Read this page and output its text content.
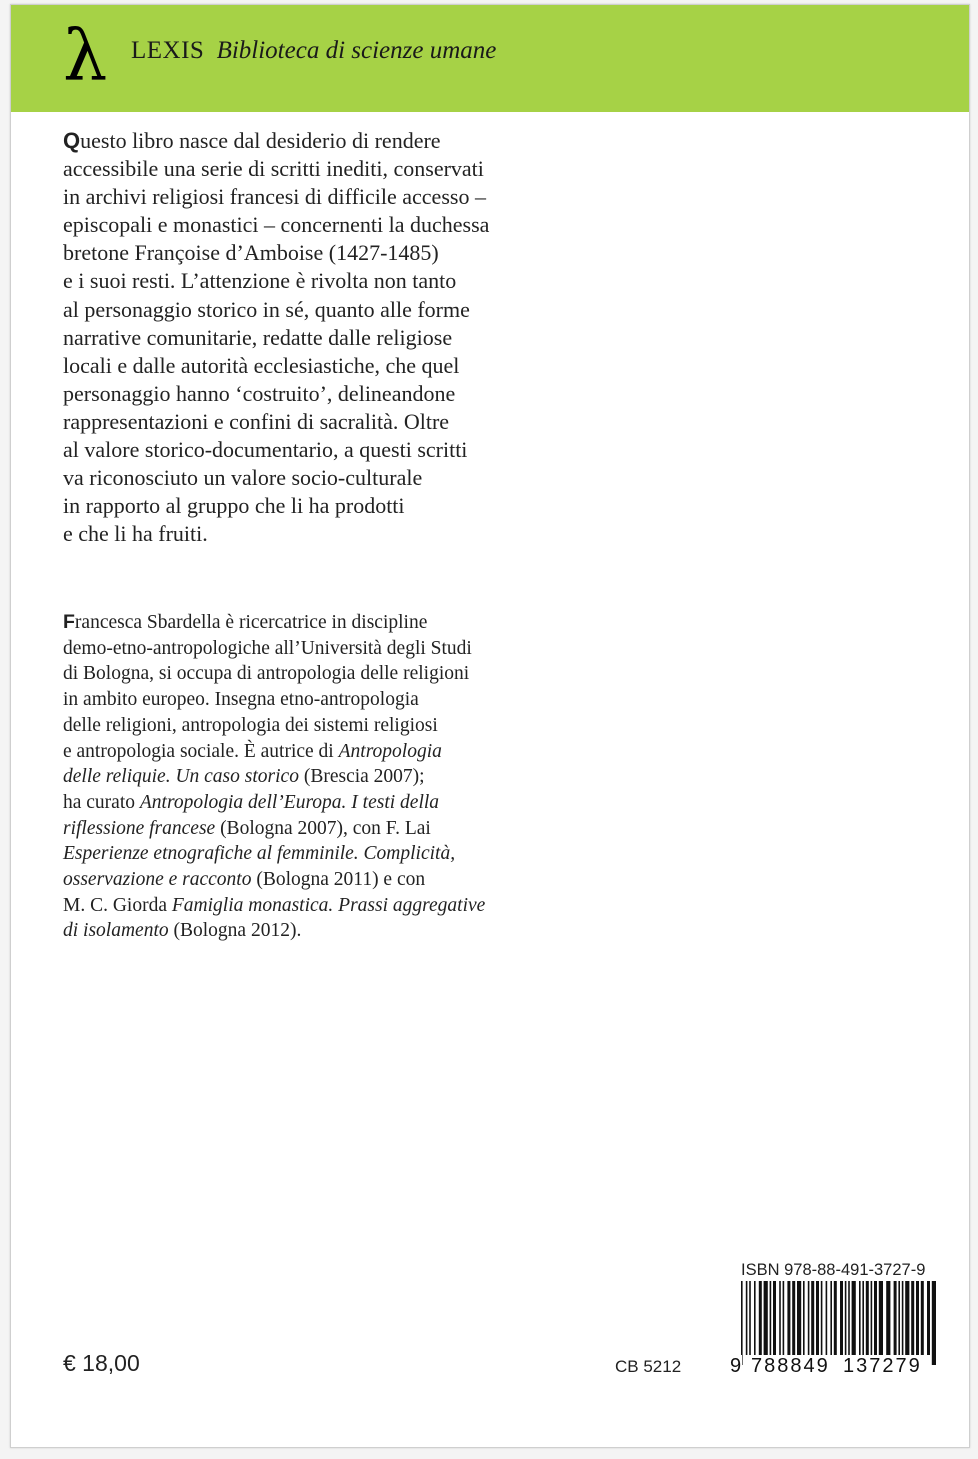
λ LEXIS Biblioteca di scienze umane
Questo libro nasce dal desiderio di rendere
accessibile una serie di scritti inediti, conservati
in archivi religiosi francesi di difficile accesso –
episcopali e monastici – concernenti la duchessa
bretone Françoise d’Amboise (1427-1485)
e i suoi resti. L’attenzione è rivolta non tanto
al personaggio storico in sé, quanto alle forme
narrative comunitarie, redatte dalle religiose
locali e dalle autorità ecclesiastiche, che quel
personaggio hanno ‘costruito’, delineandone
rappresentazioni e confini di sacralità. Oltre
al valore storico-documentario, a questi scritti
va riconosciuto un valore socio-culturale
in rapporto al gruppo che li ha prodotti
e che li ha fruiti.
Francesca Sbardella è ricercatrice in discipline
demo-etno-antropologiche all’Università degli Studi
di Bologna, si occupa di antropologia delle religioni
in ambito europeo. Insegna etno-antropologia
delle religioni, antropologia dei sistemi religiosi
e antropologia sociale. È autrice di Antropologia
delle reliquie. Un caso storico (Brescia 2007);
ha curato Antropologia dell’Europa. I testi della
riflessione francese (Bologna 2007), con F. Lai
Esperienze etnografiche al femminile. Complicità,
osservazione e racconto (Bologna 2011) e con
M. C. Giorda Famiglia monastica. Prassi aggregative
di isolamento (Bologna 2012).
€ 18,00	CB 5212
ISBN 978-88-491-3727-9
9 788849 137279
